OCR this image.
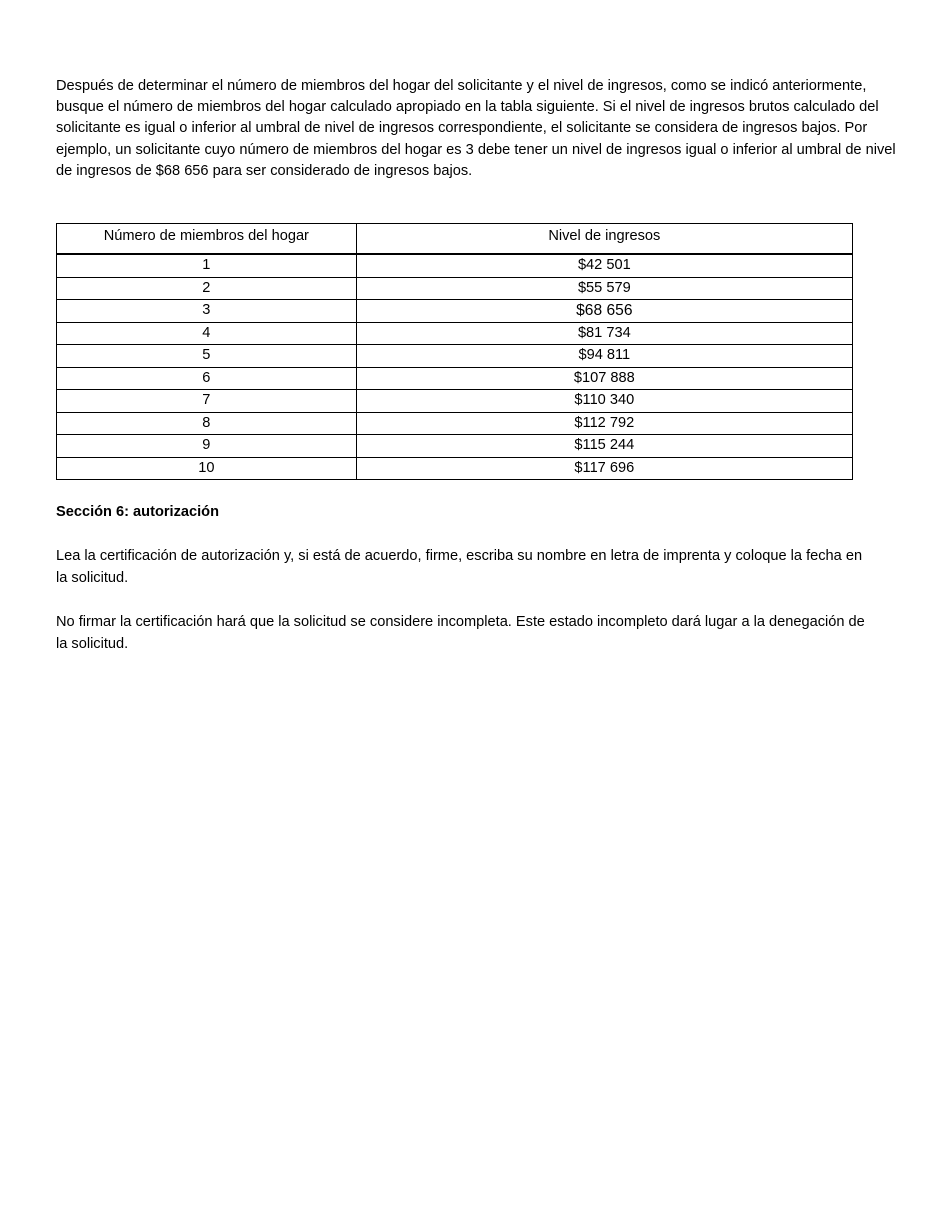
Después de determinar el número de miembros del hogar del solicitante y el nivel de ingresos, como se indicó anteriormente, busque el número de miembros del hogar calculado apropiado en la tabla siguiente. Si el nivel de ingresos brutos calculado del solicitante es igual o inferior al umbral de nivel de ingresos correspondiente, el solicitante se considera de ingresos bajos. Por ejemplo, un solicitante cuyo número de miembros del hogar es 3 debe tener un nivel de ingresos igual o inferior al umbral de nivel de ingresos de $68 656 para ser considerado de ingresos bajos.

Número de miembros del hogar	Nivel de ingresos
1	$42 501
2	$55 579
3	$68 656
4	$81 734
5	$94 811
6	$107 888
7	$110 340
8	$112 792
9	$115 244
10	$117 696
Sección 6: autorización

Lea la certificación de autorización y, si está de acuerdo, firme, escriba su nombre en letra de imprenta y coloque la fecha en la solicitud.

No firmar la certificación hará que la solicitud se considere incompleta. Este estado incompleto dará lugar a la denegación de la solicitud.
